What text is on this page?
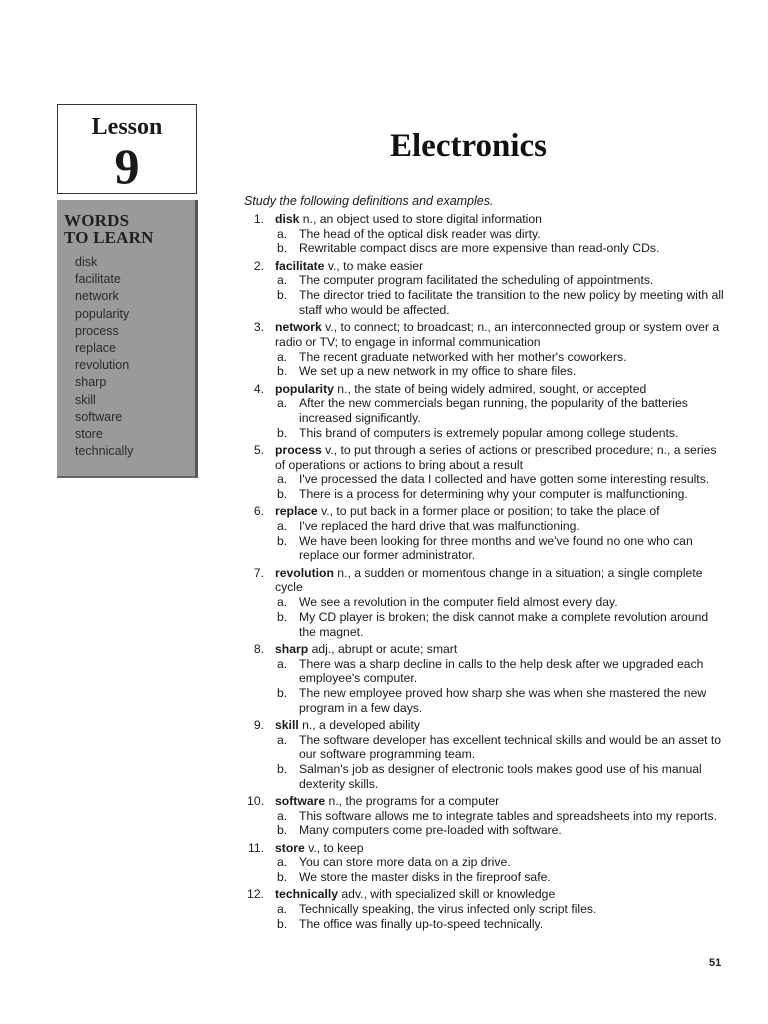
Lesson
9	Electronics
WORDS
TO LEARN
disk
facilitate
network
popularity
process
replace
revolution
sharp
skill
software
store
technically
Study the following definitions and examples.
1. disk n., an object used to store digital information
a. The head of the optical disk reader was dirty.
b. Rewritable compact discs are more expensive than read-only CDs.
2. facilitate v., to make easier
a. The computer program facilitated the scheduling of appointments.
b. The director tried to facilitate the transition to the new policy by meeting with all staff who would be affected.
3. network v., to connect; to broadcast; n., an interconnected group or system over a radio or TV; to engage in informal communication
a. The recent graduate networked with her mother's coworkers.
b. We set up a new network in my office to share files.
4. popularity n., the state of being widely admired, sought, or accepted
a. After the new commercials began running, the popularity of the batteries increased significantly.
b. This brand of computers is extremely popular among college students.
5. process v., to put through a series of actions or prescribed procedure; n., a series of operations or actions to bring about a result
a. I've processed the data I collected and have gotten some interesting results.
b. There is a process for determining why your computer is malfunctioning.
6. replace v., to put back in a former place or position; to take the place of
a. I've replaced the hard drive that was malfunctioning.
b. We have been looking for three months and we've found no one who can replace our former administrator.
7. revolution n., a sudden or momentous change in a situation; a single complete cycle
a. We see a revolution in the computer field almost every day.
b. My CD player is broken; the disk cannot make a complete revolution around the magnet.
8. sharp adj., abrupt or acute; smart
a. There was a sharp decline in calls to the help desk after we upgraded each employee's computer.
b. The new employee proved how sharp she was when she mastered the new program in a few days.
9. skill n., a developed ability
a. The software developer has excellent technical skills and would be an asset to our software programming team.
b. Salman's job as designer of electronic tools makes good use of his manual dexterity skills.
10. software n., the programs for a computer
a. This software allows me to integrate tables and spreadsheets into my reports.
b. Many computers come pre-loaded with software.
11. store v., to keep
a. You can store more data on a zip drive.
b. We store the master disks in the fireproof safe.
12. technically adv., with specialized skill or knowledge
a. Technically speaking, the virus infected only script files.
b. The office was finally up-to-speed technically.
51
